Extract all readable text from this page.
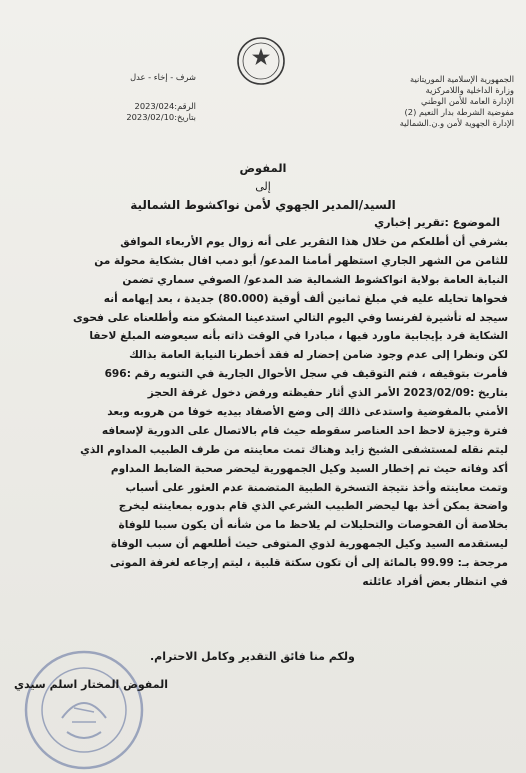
الجمهورية الإسلامية الموريتانية
وزارة الداخلية واللامركزية
الإدارة العامة للأمن الوطني
مفوضية الشرطة بدار النعيم (2)
الإدارة الجهوية لأمن و.ن.الشمالية
شرف - إخاء - عدل
الرقم:2023/024
بتاريخ:2023/02/10
المفوض
إلى
السيد/المدير الجهوي لأمن نواكشوط الشمالية
الموضوع :تقرير إخباري
بشرفي أن أطلعكم من خلال هذا التقرير على أنه زوال يوم الأربعاء الموافق
للثامن من الشهر الجاري استظهر أمامنا المدعو/ أبو دمب افال بشكاية محولة من
النيابة العامة بولاية انواكشوط الشمالية ضد المدعو/ الصوفي سماري تضمن
فحواها تحايله عليه في مبلغ ثمانين ألف أوقية (80.000) جديدة ، بعد إيهامه أنه
سيجد له تأشيرة لفرنسا وفي اليوم التالي استدعينا المشكو منه وأطلعناه على فحوى
الشكاية فرد بإيجابية ماورد فيها ، مبادرا في الوقت ذاته بأنه سيعوضه المبلغ لاحقا
لكن ونظرا إلى عدم وجود ضامن إحضار له فقد أخطرنا النيابة العامة بذالك
فأمرت بتوقيفه ، فتم التوقيف في سجل الأحوال الجارية في التنويه رقم :696
بتاريخ :2023/02/09 الأمر الذي أثار حفيظته ورفض دخول غرفة الحجز
الأمني بالمفوضية واستدعى ذالك إلى وضع الأصفاد بيديه خوفا من هروبه وبعد
فترة وجيزة لاحظ احد العناصر سقوطه حيث قام بالاتصال على الدورية لإسعافه
ليتم نقله لمستشفى الشيخ زايد وهناك تمت معاينته من طرف الطبيب المداوم الذي
أكد وفاته حيث تم إخطار السيد وكيل الجمهورية ليحضر صحبة الضابط المداوم
وتمت معاينته وأخذ نتيجة التسخرة الطبية المتضمنة عدم العثور على أسباب
واضحة يمكن أخذ بها ليحضر الطبيب الشرعي الذي قام بدوره بمعاينته ليخرج
بخلاصة أن الفحوصات والتحليلات لم يلاحظ ما من شأنه أن يكون سببا للوفاة
ليستقدمه السيد وكيل الجمهورية لذوي المتوفى حيث أطلعهم أن سبب الوفاة
مرجحة بـ: 99.99 بالمائة إلى أن تكون سكتة قلبية ، ليتم إرجاعه لغرفة الموتى
في انتظار بعض أفراد عائلته
ولكم منا فائق التقدير وكامل الاحترام.
المفوض المختار اسلم سيدي
